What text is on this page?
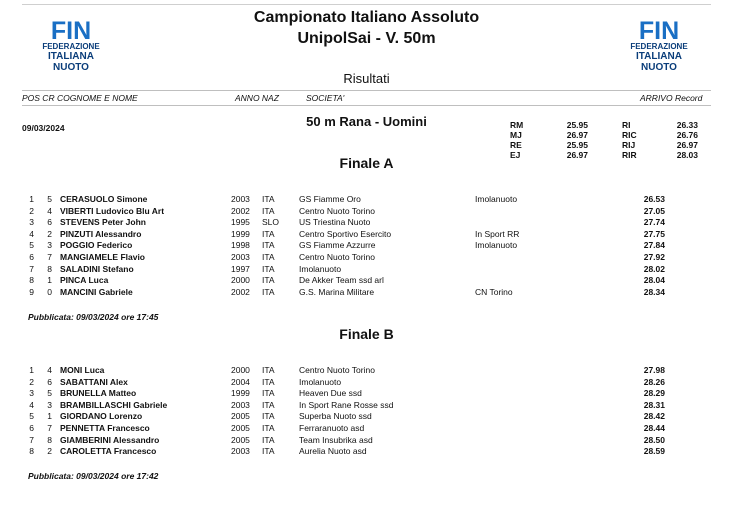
FIN
FEDERAZIONE
ITALIANA
NUOTO
FIN
FEDERAZIONE
ITALIANA
NUOTO
Campionato Italiano Assoluto
UnipolSai - V. 50m
Risultati
POS CR COGNOME E NOME	ANNO NAZ	SOCIETA'	ARRIVO Record
09/03/2024	50 m Rana - Uomini	RM	25.95	RI	26.33
MJ	26.97	RIC	26.76
RE	25.95	RIJ	26.97
EJ	26.97	RIR	28.03
Finale A
1	5 CERASUOLO Simone	2003 ITA	GS Fiamme Oro	Imolanuoto	26.53
2	4 VIBERTI Ludovico Blu Art	2002 ITA	Centro Nuoto Torino	27.05
3	6 STEVENS Peter John	1995 SLO US Triestina Nuoto	27.74
4	2 PINZUTI Alessandro	1999 ITA	Centro Sportivo Esercito	In Sport RR	27.75
5	3 POGGIO Federico	1998 ITA	GS Fiamme Azzurre	Imolanuoto	27.84
6	7 MANGIAMELE Flavio	2003 ITA	Centro Nuoto Torino	27.92
7	8 SALADINI Stefano	1997 ITA	Imolanuoto	28.02
8	1 PINCA Luca	2000 ITA	De Akker Team ssd arl	28.04
9	0 MANCINI Gabriele	2002 ITA	G.S. Marina Militare	CN Torino	28.34
Pubblicata: 09/03/2024 ore 17:45
Finale B
1	4 MONI Luca	2000 ITA	Centro Nuoto Torino	27.98
2	6 SABATTANI Alex	2004 ITA	Imolanuoto	28.26
3	5 BRUNELLA Matteo	1999 ITA	Heaven Due ssd	28.29
4	3 BRAMBILLASCHI Gabriele	2003 ITA	In Sport Rane Rosse ssd	28.31
5	1 GIORDANO Lorenzo	2005 ITA	Superba Nuoto ssd	28.42
6	7 PENNETTA Francesco	2005 ITA	Ferraranuoto asd	28.44
7	8 GIAMBERINI Alessandro	2005 ITA	Team Insubrika asd	28.50
8	2 CAROLETTA Francesco	2003 ITA	Aurelia Nuoto asd	28.59
Pubblicata: 09/03/2024 ore 17:42
